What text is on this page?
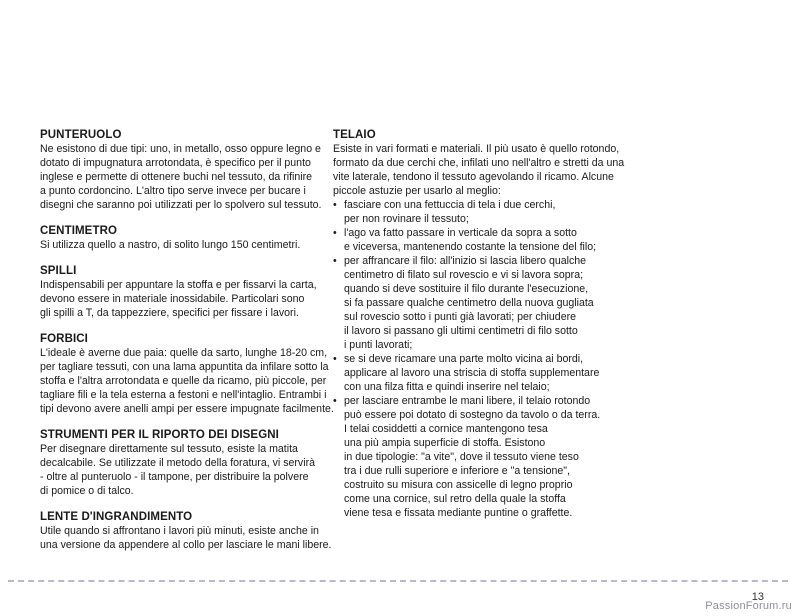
PUNTERUOLO

Ne esistono di due tipi: uno, in metallo, osso oppure legno e
dotato di impugnatura arrotondata, è specifico per il punto
inglese e permette di ottenere buchi nel tessuto, da rifinire
a punto cordoncino. L'altro tipo serve invece per bucare i
disegni che saranno poi utilizzati per lo spolvero sul tessuto.

CENTIMETRO

Si utilizza quello a nastro, di solito lungo 150 centimetri.

SPILLI

Indispensabili per appuntare la stoffa e per fissarvi la carta,
devono essere in materiale inossidabile. Particolari sono
gli spilli a T, da tappezziere, specifici per fissare i lavori.

FORBICI

L'ideale è averne due paia: quelle da sarto, lunghe 18-20 cm,
per tagliare tessuti, con una lama appuntita da infilare sotto la
stoffa e l'altra arrotondata e quelle da ricamo, più piccole, per
tagliare fili e la tela esterna a festoni e nell'intaglio. Entrambi i
tipi devono avere anelli ampi per essere impugnate facilmente.

STRUMENTI PER IL RIPORTO DEI DISEGNI

Per disegnare direttamente sul tessuto, esiste la matita
decalcabile. Se utilizzate il metodo della foratura, vi servirà
- oltre al punteruolo - il tampone, per distribuire la polvere
di pomice o di talco.

LENTE D'INGRANDIMENTO

Utile quando si affrontano i lavori più minuti, esiste anche in
una versione da appendere al collo per lasciare le mani libere.

TELAIO

Esiste in vari formati e materiali. Il più usato è quello rotondo,
formato da due cerchi che, infilati uno nell'altro e stretti da una
vite laterale, tendono il tessuto agevolando il ricamo. Alcune
piccole astuzie per usarlo al meglio:

• fasciare con una fettuccia di tela i due cerchi,
per non rovinare il tessuto;
• l'ago va fatto passare in verticale da sopra a sotto
e viceversa, mantenendo costante la tensione del filo;
• per affrancare il filo: all'inizio si lascia libero qualche
centimetro di filato sul rovescio e vi si lavora sopra;
quando si deve sostituire il filo durante l'esecuzione,
si fa passare qualche centimetro della nuova gugliata
sul rovescio sotto i punti già lavorati; per chiudere
il lavoro si passano gli ultimi centimetri di filo sotto
i punti lavorati;
• se si deve ricamare una parte molto vicina ai bordi,
applicare al lavoro una striscia di stoffa supplementare
con una filza fitta e quindi inserire nel telaio;
• per lasciare entrambe le mani libere, il telaio rotondo
può essere poi dotato di sostegno da tavolo o da terra.
I telai cosiddetti a cornice mantengono tesa
una più ampia superficie di stoffa. Esistono
in due tipologie: "a vite", dove il tessuto viene teso
tra i due rulli superiore e inferiore e "a tensione",
costruito su misura con assicelle di legno proprio
come una cornice, sul retro della quale la stoffa
viene tesa e fissata mediante puntine o graffette.
13
PassionForum.ru
